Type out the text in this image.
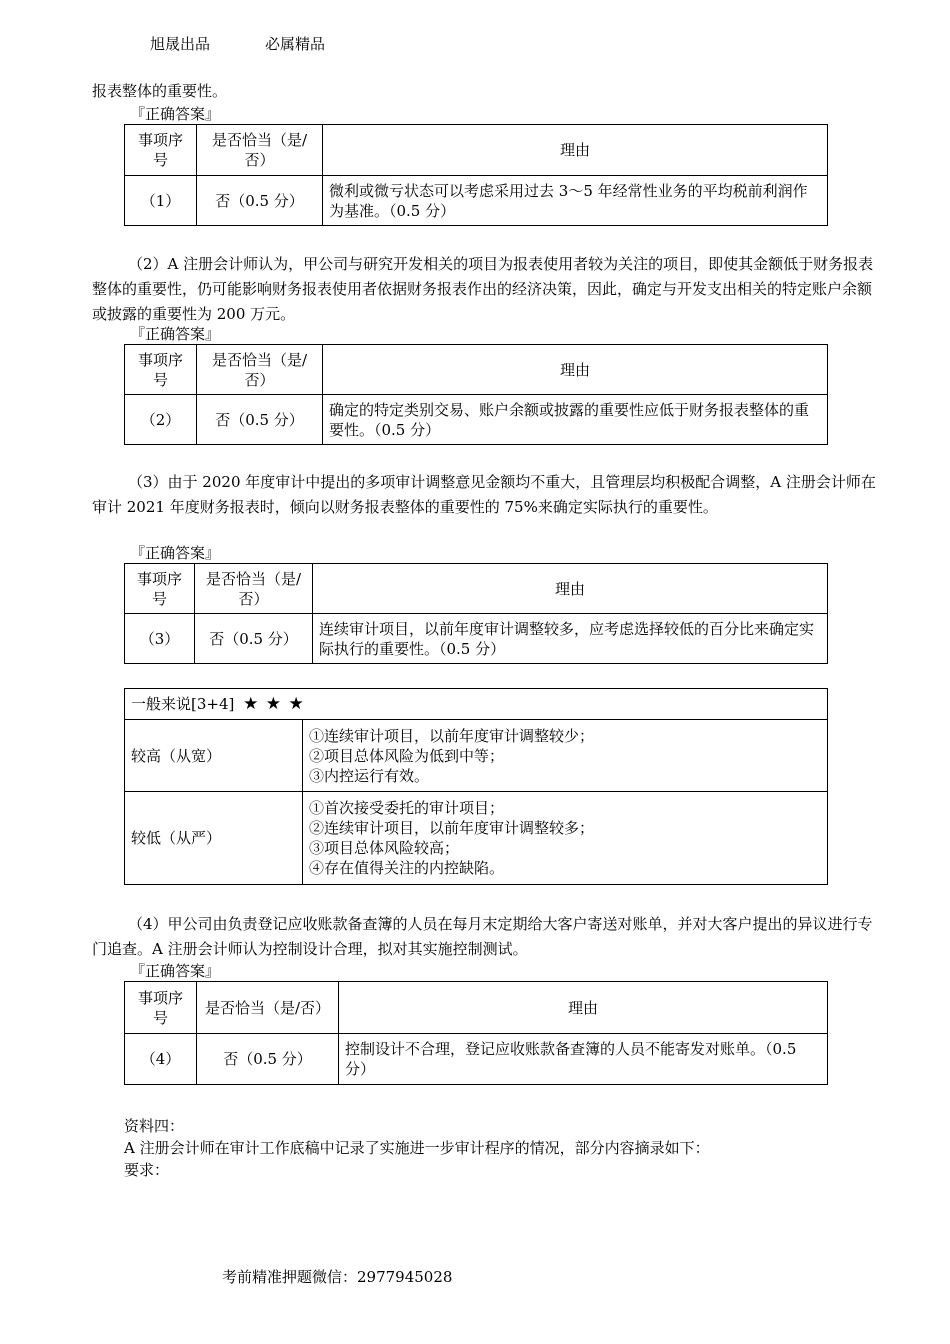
旭晟出品	必属精品
报表整体的重要性。
『正确答案』
事项序号	是否恰当（是/否）	理由
（1）	否（0.5 分）	微利或微亏状态可以考虑采用过去 3～5 年经常性业务的平均税前利润作为基准。（0.5 分）
（2）A 注册会计师认为，甲公司与研究开发相关的项目为报表使用者较为关注的项目，即使其金额低于财务报表整体的重要性，仍可能影响财务报表使用者依据财务报表作出的经济决策，因此，确定与开发支出相关的特定账户余额或披露的重要性为 200 万元。
『正确答案』
事项序号	是否恰当（是/否）	理由
（2）	否（0.5 分）	确定的特定类别交易、账户余额或披露的重要性应低于财务报表整体的重要性。（0.5 分）
（3）由于 2020 年度审计中提出的多项审计调整意见金额均不重大，且管理层均积极配合调整，A 注册会计师在审计 2021 年度财务报表时，倾向以财务报表整体的重要性的 75%来确定实际执行的重要性。
『正确答案』
事项序号	是否恰当（是/否）	理由
（3）	否（0.5 分）	连续审计项目，以前年度审计调整较多，应考虑选择较低的百分比来确定实际执行的重要性。（0.5 分）
一般来说[3+4] ★ ★ ★	
较高（从宽）	①连续审计项目，以前年度审计调整较少；
②项目总体风险为低到中等；
③内控运行有效。

较低（从严）	①首次接受委托的审计项目；
②连续审计项目，以前年度审计调整较多；
③项目总体风险较高；
④存在值得关注的内控缺陷。
（4）甲公司由负责登记应收账款备查簿的人员在每月末定期给大客户寄送对账单，并对大客户提出的异议进行专门追查。A 注册会计师认为控制设计合理，拟对其实施控制测试。
『正确答案』
事项序号	是否恰当（是/否）	理由
（4）	否（0.5 分）	控制设计不合理，登记应收账款备查簿的人员不能寄发对账单。（0.5 分）
资料四：
A 注册会计师在审计工作底稿中记录了实施进一步审计程序的情况，部分内容摘录如下：
要求：
考前精准押题微信：2977945028
